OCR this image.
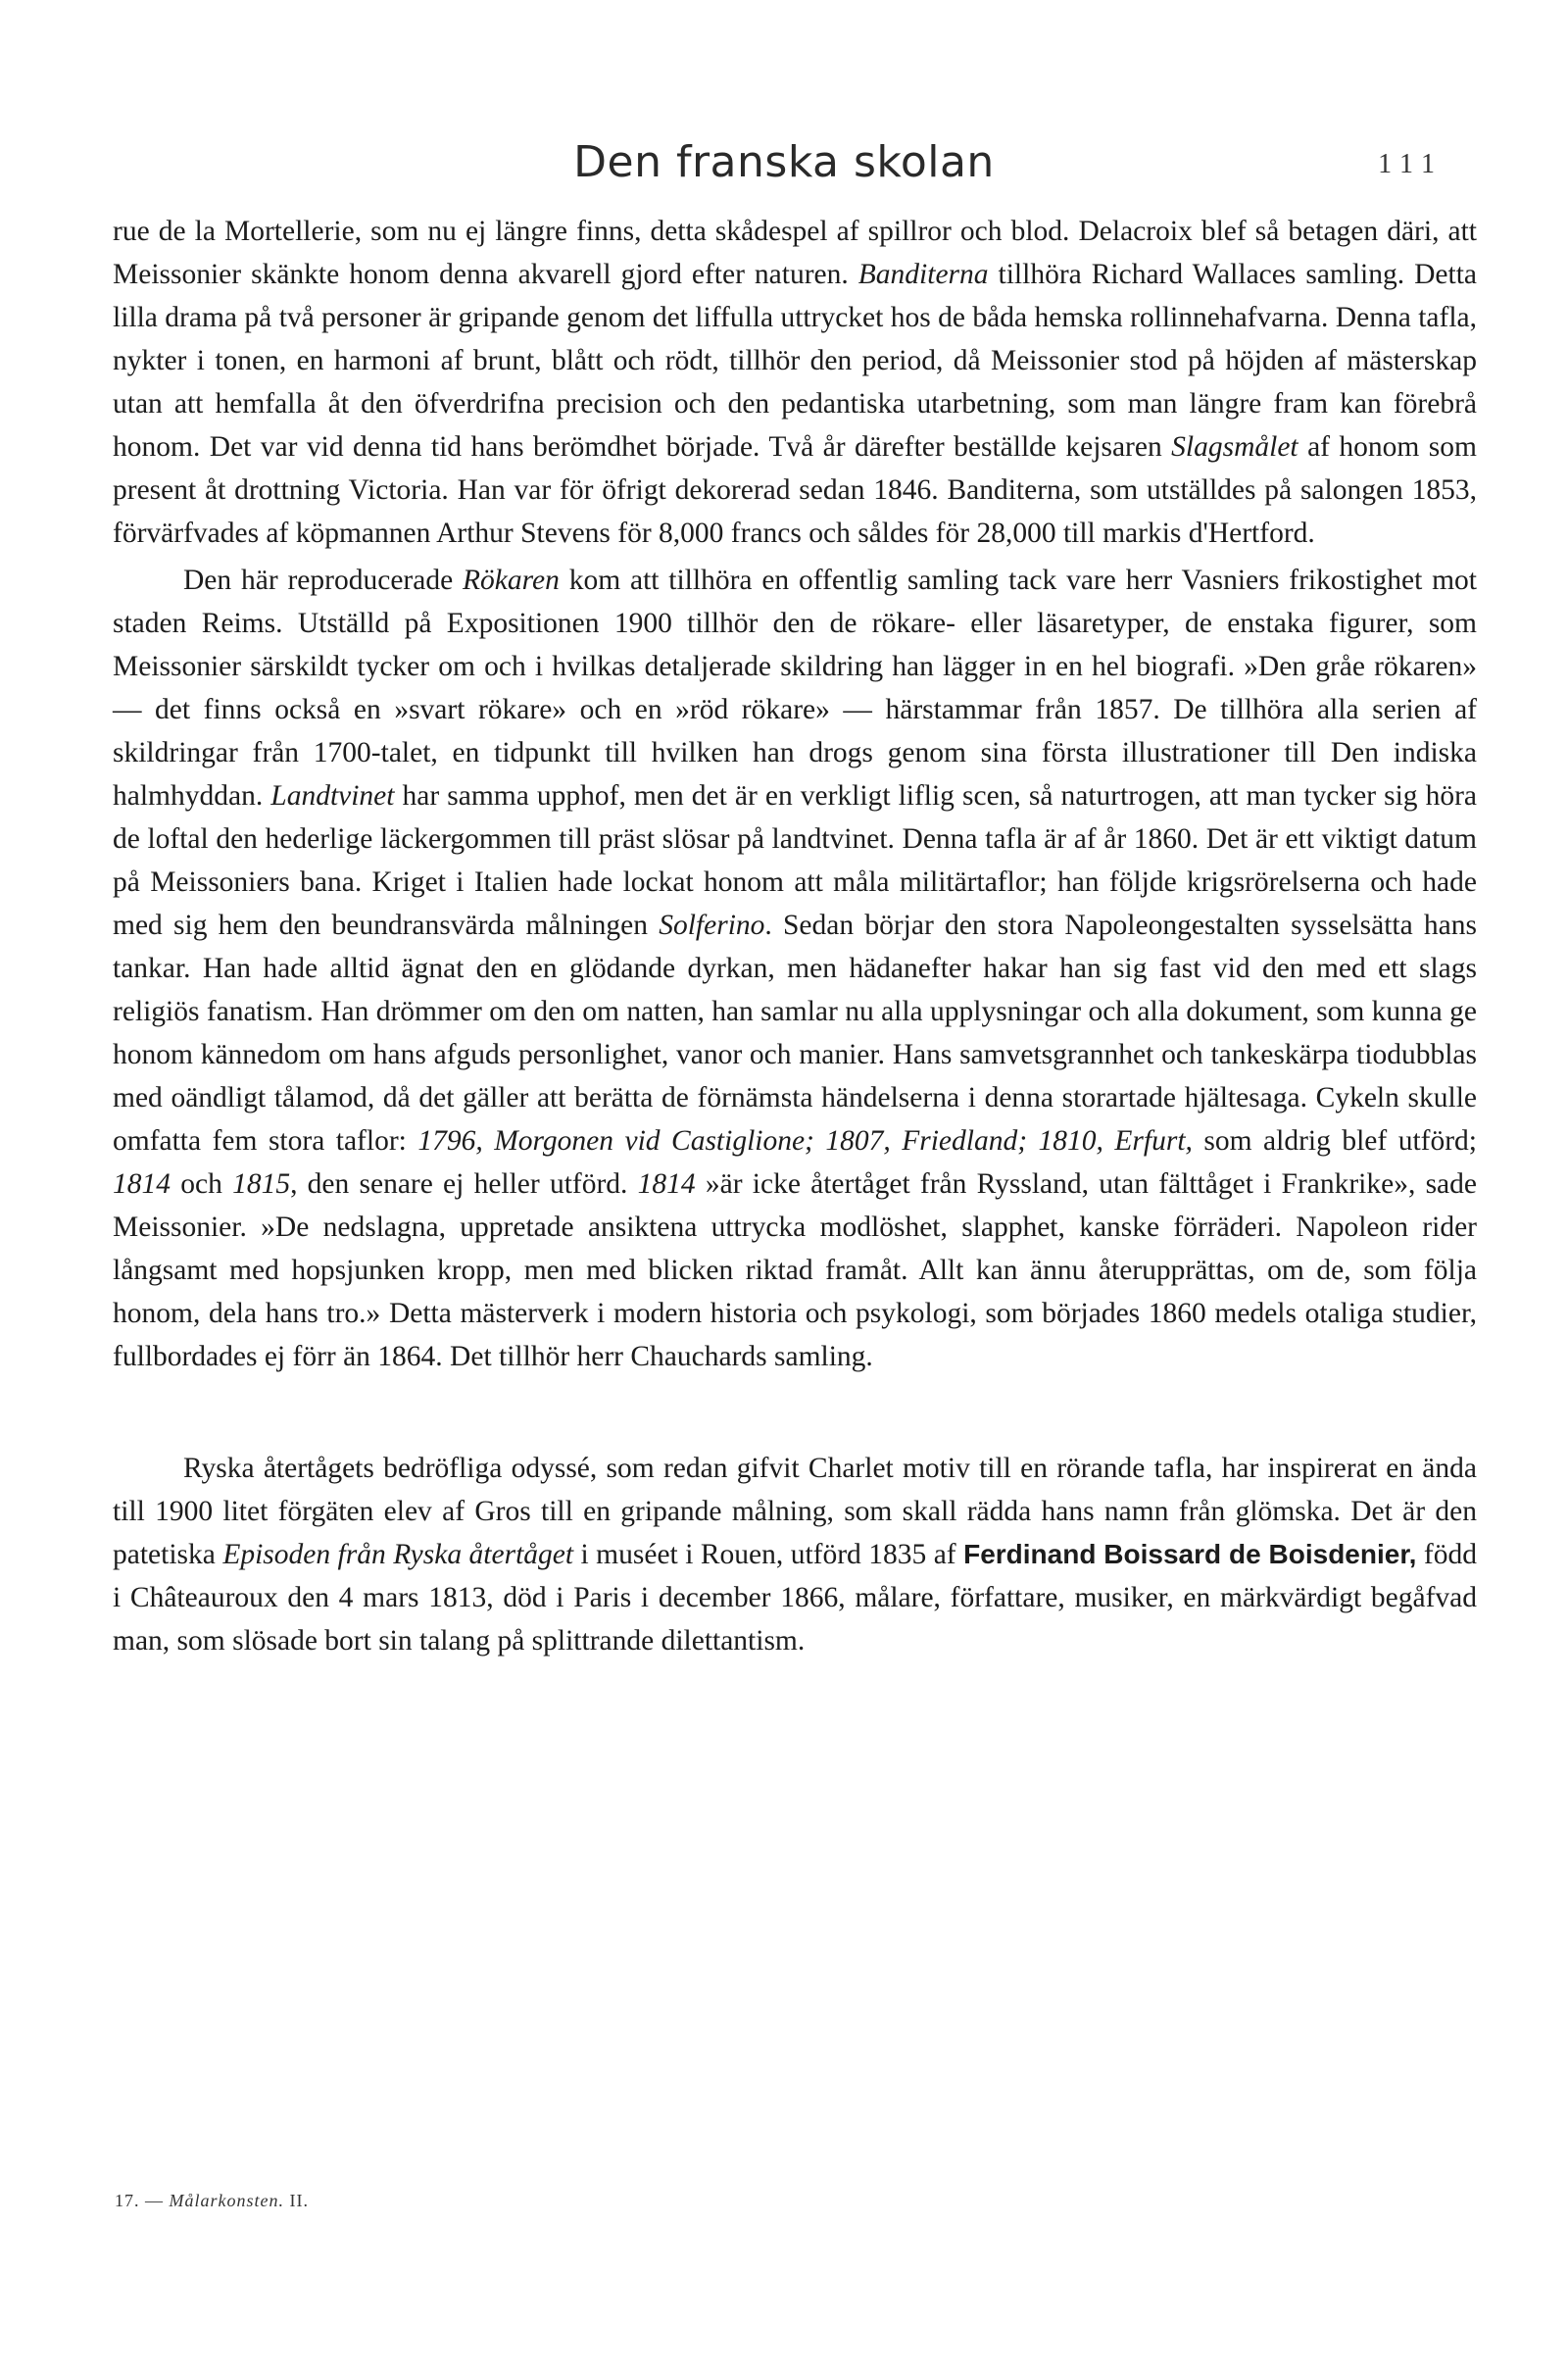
Den franska skolan	111

rue de la Mortellerie, som nu ej längre finns, detta skådespel af spillror och blod. Delacroix blef så betagen däri, att Meissonier skänkte honom denna akvarell gjord efter naturen. Banditerna tillhöra Richard Wallaces samling. Detta lilla drama på två personer är gripande genom det liffulla uttrycket hos de båda hemska rollinnehafvarna. Denna tafla, nykter i tonen, en harmoni af brunt, blått och rödt, tillhör den period, då Meissonier stod på höjden af mästerskap utan att hemfalla åt den öfverdrifna precision och den pedantiska utarbetning, som man längre fram kan förebrå honom. Det var vid denna tid hans berömdhet började. Två år därefter beställde kejsaren Slagsmålet af honom som present åt drottning Victoria. Han var för öfrigt dekorerad sedan 1846. Banditerna, som utställdes på salongen 1853, förvärfvades af köpmannen Arthur Stevens för 8,000 francs och såldes för 28,000 till markis d'Hertford.

Den här reproducerade Rökaren kom att tillhöra en offentlig samling tack vare herr Vasniers frikostighet mot staden Reims. Utställd på Expositionen 1900 tillhör den de rökare- eller läsaretyper, de enstaka figurer, som Meissonier särskildt tycker om och i hvilkas detaljerade skildring han lägger in en hel biografi. »Den gråe rökaren» — det finns också en »svart rökare» och en »röd rökare» — härstammar från 1857. De tillhöra alla serien af skildringar från 1700-talet, en tidpunkt till hvilken han drogs genom sina första illustrationer till Den indiska halmhyddan. Landtvinet har samma upphof, men det är en verkligt liflig scen, så naturtrogen, att man tycker sig höra de loftal den hederlige läckergommen till präst slösar på landtvinet. Denna tafla är af år 1860. Det är ett viktigt datum på Meissoniers bana. Kriget i Italien hade lockat honom att måla militärtaflor; han följde krigsrörelserna och hade med sig hem den beundransvärda målningen Solferino. Sedan börjar den stora Napoleongestalten sysselsätta hans tankar. Han hade alltid ägnat den en glödande dyrkan, men hädanefter hakar han sig fast vid den med ett slags religiös fanatism. Han drömmer om den om natten, han samlar nu alla upplysningar och alla dokument, som kunna ge honom kännedom om hans afguds personlighet, vanor och manier. Hans samvetsgrannhet och tankeskärpa tiodubblas med oändligt tålamod, då det gäller att berätta de förnämsta händelserna i denna storartade hjältesaga. Cykeln skulle omfatta fem stora taflor: 1796, Morgonen vid Castiglione; 1807, Friedland; 1810, Erfurt, som aldrig blef utförd; 1814 och 1815, den senare ej heller utförd. 1814 »är icke återtåget från Ryssland, utan fälttåget i Frankrike», sade Meissonier. »De nedslagna, uppretade ansiktena uttrycka modlöshet, slapphet, kanske förräderi. Napoleon rider långsamt med hopsjunken kropp, men med blicken riktad framåt. Allt kan ännu återupprättas, om de, som följa honom, dela hans tro.» Detta mästerverk i modern historia och psykologi, som börjades 1860 medels otaliga studier, fullbordades ej förr än 1864. Det tillhör herr Chauchards samling.

Ryska återtågets bedröfliga odyssé, som redan gifvit Charlet motiv till en rörande tafla, har inspirerat en ända till 1900 litet förgäten elev af Gros till en gripande målning, som skall rädda hans namn från glömska. Det är den patetiska Episoden från Ryska återtåget i muséet i Rouen, utförd 1835 af Ferdinand Boissard de Boisdenier, född i Châteauroux den 4 mars 1813, död i Paris i december 1866, målare, författare, musiker, en märkvärdigt begåfvad man, som slösade bort sin talang på splittrande dilettantism.

17. — Målarkonsten. II.
